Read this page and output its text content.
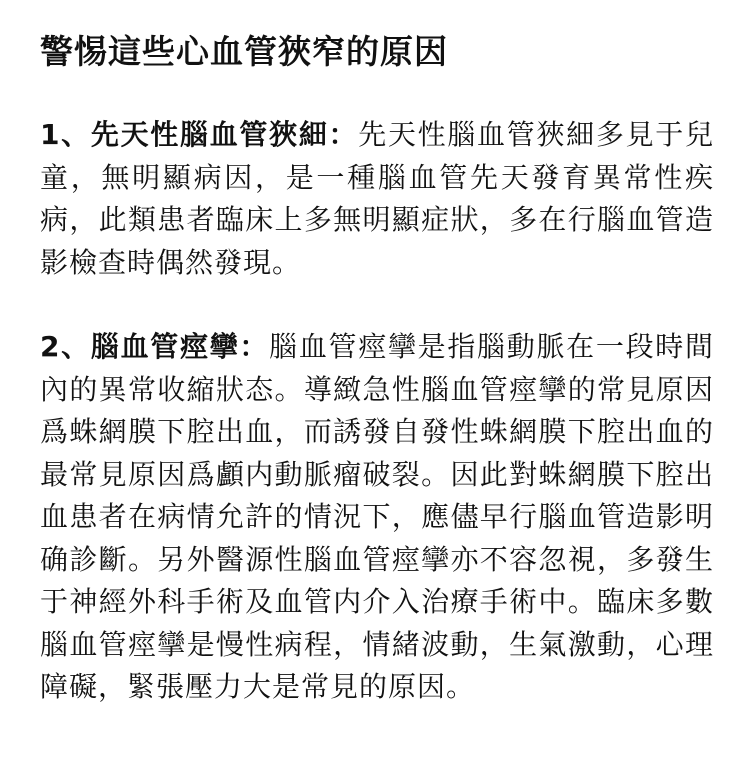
警惕這些心血管狹窄的原因

1、先天性腦血管狹細：先天性腦血管狹細多見于兒童，無明顯病因，是一種腦血管先天發育異常性疾病，此類患者臨床上多無明顯症狀，多在行腦血管造影檢查時偶然發現。

2、腦血管痙攣：腦血管痙攣是指腦動脈在一段時間內的異常收縮狀态。導緻急性腦血管痙攣的常見原因爲蛛網膜下腔出血，而誘發自發性蛛網膜下腔出血的最常見原因爲顱内動脈瘤破裂。因此對蛛網膜下腔出血患者在病情允許的情況下，應儘早行腦血管造影明确診斷。另外醫源性腦血管痙攣亦不容忽視，多發生于神經外科手術及血管内介入治療手術中。臨床多數腦血管痙攣是慢性病程，情緒波動，生氣激動，心理障礙，緊張壓力大是常見的原因。
